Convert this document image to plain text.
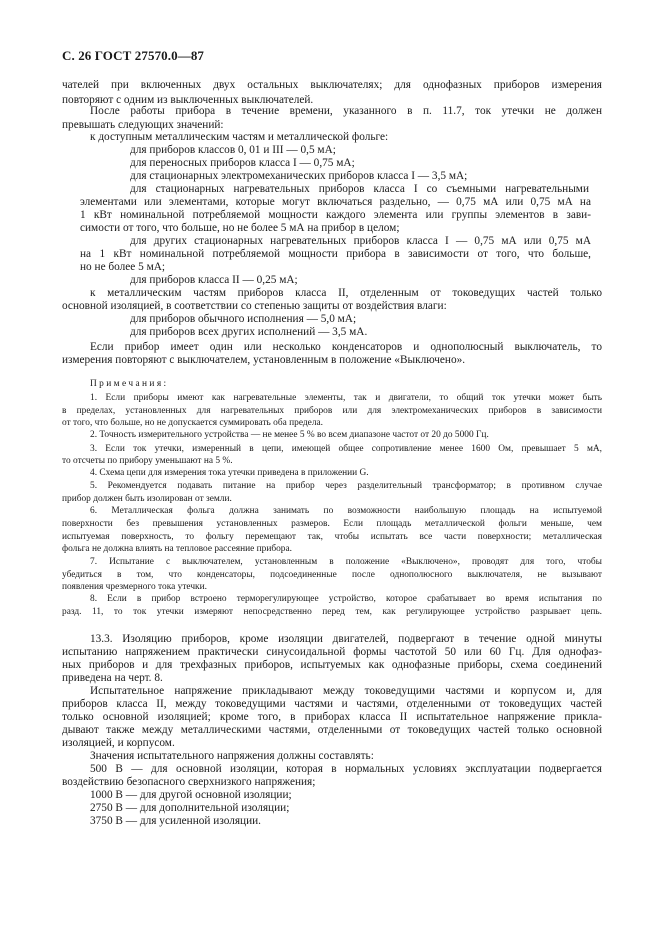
С. 26 ГОСТ 27570.0—87
чателей при включенных двух остальных выключателях; для однофазных приборов измерения
повторяют с одним из выключенных выключателей.
После работы прибора в течение времени, указанного в п. 11.7, ток утечки не должен
превышать следующих значений:
к доступным металлическим частям и металлической фольге:
для приборов классов 0, 01 и III — 0,5 мА;
для переносных приборов класса I — 0,75 мА;
для стационарных электромеханических приборов класса I — 3,5 мА;
для стационарных нагревательных приборов класса I со съемными нагревательными
элементами или элементами, которые могут включаться раздельно, — 0,75 мА или 0,75 мА на
1 кВт номинальной потребляемой мощности каждого элемента или группы элементов в зави-
симости от того, что больше, но не более 5 мА на прибор в целом;
для других стационарных нагревательных приборов класса I — 0,75 мА или 0,75 мА
на 1 кВт номинальной потребляемой мощности прибора в зависимости от того, что больше,
но не более 5 мА;
для приборов класса II — 0,25 мА;
к металлическим частям приборов класса II, отделенным от токоведущих частей только
основной изоляцией, в соответствии со степенью защиты от воздействия влаги:
для приборов обычного исполнения — 5,0 мА;
для приборов всех других исполнений — 3,5 мА.
Если прибор имеет один или несколько конденсаторов и однополюсный выключатель, то
измерения повторяют с выключателем, установленным в положение «Выключено».
Примечания:
1. Если приборы имеют как нагревательные элементы, так и двигатели, то общий ток утечки может быть
в пределах, установленных для нагревательных приборов или для электромеханических приборов в зависимости
от того, что больше, но не допускается суммировать оба предела.
2. Точность измерительного устройства — не менее 5 % во всем диапазоне частот от 20 до 5000 Гц.
3. Если ток утечки, измеренный в цепи, имеющей общее сопротивление менее 1600 Ом, превышает 5 мА,
то отсчеты по прибору уменьшают на 5 %.
4. Схема цепи для измерения тока утечки приведена в приложении G.
5. Рекомендуется подавать питание на прибор через разделительный трансформатор; в противном случае
прибор должен быть изолирован от земли.
6. Металлическая фольга должна занимать по возможности наибольшую площадь на испытуемой
поверхности без превышения установленных размеров. Если площадь металлической фольги меньше, чем
испытуемая поверхность, то фольгу перемещают так, чтобы испытать все части поверхности; металлическая
фольга не должна влиять на тепловое рассеяние прибора.
7. Испытание с выключателем, установленным в положение «Выключено», проводят для того, чтобы
убедиться в том, что конденсаторы, подсоединенные после однополюсного выключателя, не вызывают
появления чрезмерного тока утечки.
8. Если в прибор встроено терморегулирующее устройство, которое срабатывает во время испытания по
разд. 11, то ток утечки измеряют непосредственно перед тем, как регулирующее устройство разрывает цепь.
13.3. Изоляцию приборов, кроме изоляции двигателей, подвергают в течение одной минуты
испытанию напряжением практически синусоидальной формы частотой 50 или 60 Гц. Для однофаз-
ных приборов и для трехфазных приборов, испытуемых как однофазные приборы, схема соединений
приведена на черт. 8.
Испытательное напряжение прикладывают между токоведущими частями и корпусом и, для
приборов класса II, между токоведущими частями и частями, отделенными от токоведущих частей
только основной изоляцией; кроме того, в приборах класса II испытательное напряжение прикла-
дывают также между металлическими частями, отделенными от токоведущих частей только основной
изоляцией, и корпусом.
Значения испытательного напряжения должны составлять:
500 В — для основной изоляции, которая в нормальных условиях эксплуатации подвергается
воздействию безопасного сверхнизкого напряжения;
1000 В — для другой основной изоляции;
2750 В — для дополнительной изоляции;
3750 В — для усиленной изоляции.
